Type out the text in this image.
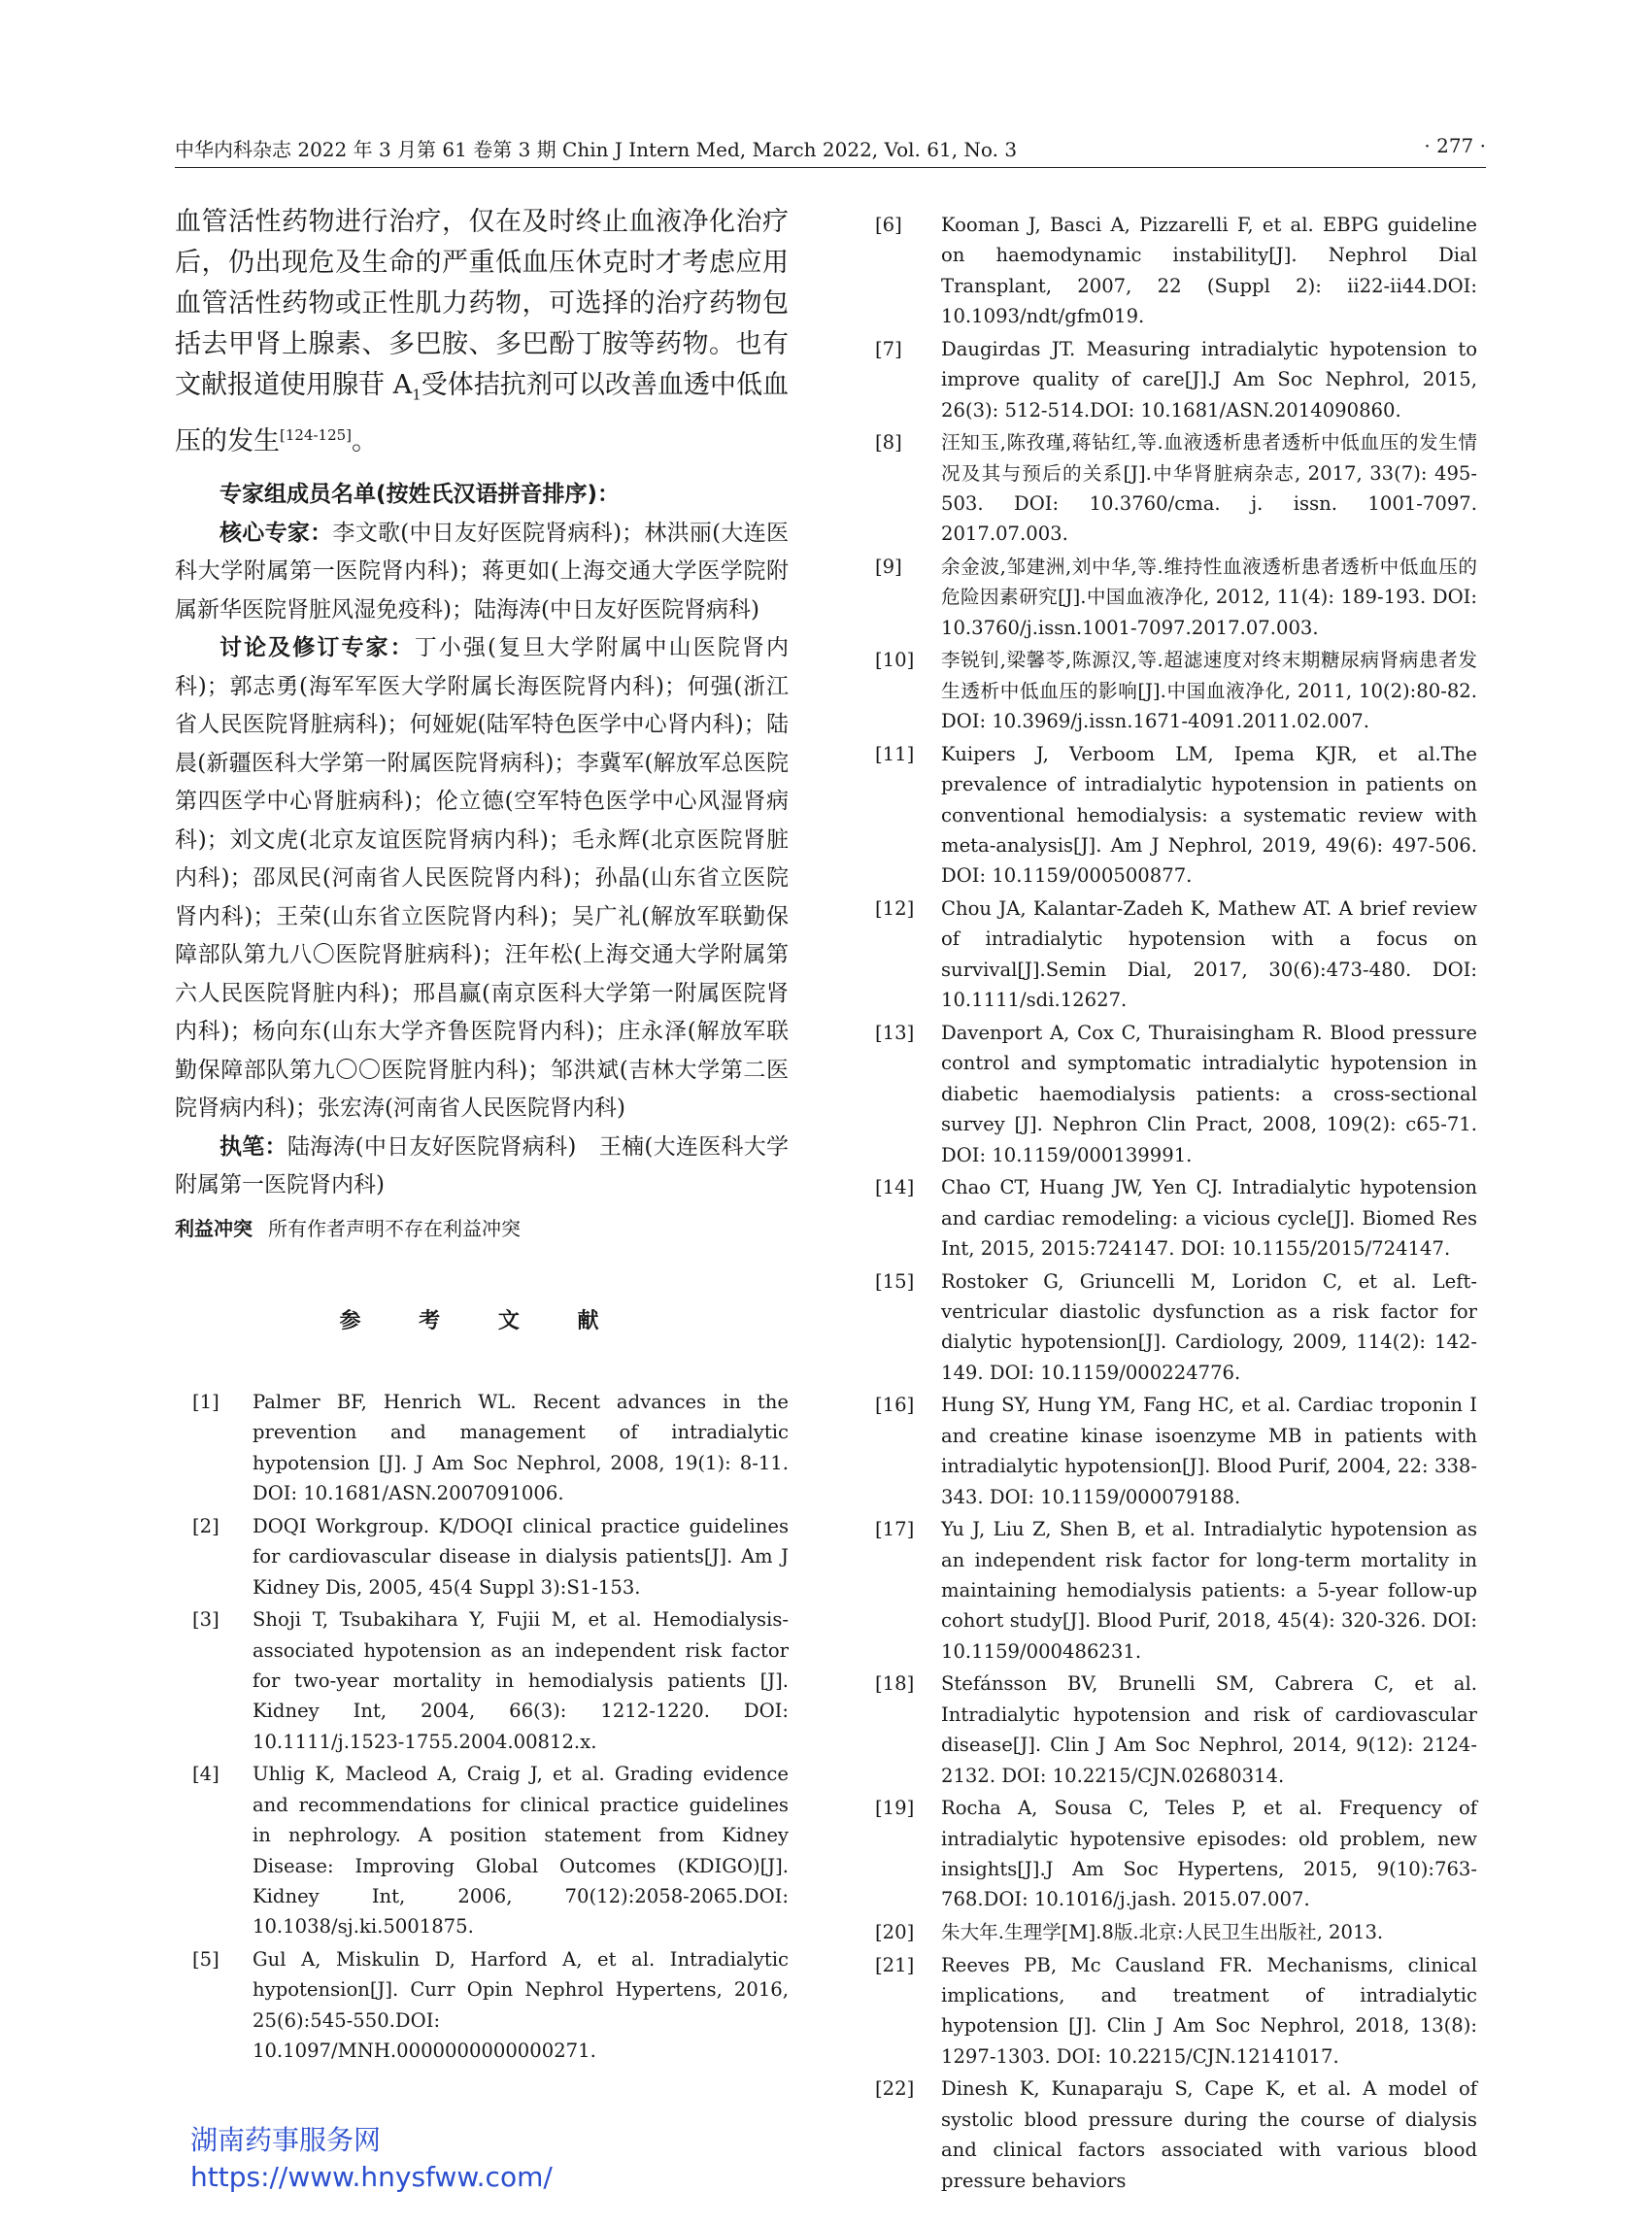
中华内科杂志 2022 年 3 月第 61 卷第 3 期 Chin J Intern Med, March 2022, Vol. 61, No. 3	· 277 ·

血管活性药物进行治疗，仅在及时终止血液净化治疗后，仍出现危及生命的严重低血压休克时才考虑应用血管活性药物或正性肌力药物，可选择的治疗药物包括去甲肾上腺素、多巴胺、多巴酚丁胺等药物。也有文献报道使用腺苷 $A_1$受体拮抗剂可以改善血透中低血压的发生[124-125]。

专家组成员名单(按姓氏汉语拼音排序)：

核心专家：李文歌(中日友好医院肾病科)；林洪丽(大连医科大学附属第一医院肾内科)；蒋更如(上海交通大学医学院附属新华医院肾脏风湿免疫科)；陆海涛(中日友好医院肾病科)

讨论及修订专家：丁小强(复旦大学附属中山医院肾内科)；郭志勇(海军军医大学附属长海医院肾内科)；何强(浙江省人民医院肾脏病科)；何娅妮(陆军特色医学中心肾内科)；陆晨(新疆医科大学第一附属医院肾病科)；李冀军(解放军总医院第四医学中心肾脏病科)；伦立德(空军特色医学中心风湿肾病科)；刘文虎(北京友谊医院肾病内科)；毛永辉(北京医院肾脏内科)；邵凤民(河南省人民医院肾内科)；孙晶(山东省立医院肾内科)；王荣(山东省立医院肾内科)；吴广礼(解放军联勤保障部队第九八〇医院肾脏病科)；汪年松(上海交通大学附属第六人民医院肾脏内科)；邢昌赢(南京医科大学第一附属医院肾内科)；杨向东(山东大学齐鲁医院肾内科)；庄永泽(解放军联勤保障部队第九〇〇医院肾脏内科)；邹洪斌(吉林大学第二医院肾病内科)；张宏涛(河南省人民医院肾内科)

执笔：陆海涛(中日友好医院肾病科)　王楠(大连医科大学附属第一医院肾内科)

利益冲突 所有作者声明不存在利益冲突
参 考 文 献
[1] Palmer BF, Henrich WL. Recent advances in the prevention and management of intradialytic hypotension [J]. J Am Soc Nephrol, 2008, 19(1): 8-11. DOI: 10.1681/ASN.2007091006.
[2] DOQI Workgroup. K/DOQI clinical practice guidelines for cardiovascular disease in dialysis patients[J]. Am J Kidney Dis, 2005, 45(4 Suppl 3):S1-153.
[3] Shoji T, Tsubakihara Y, Fujii M, et al. Hemodialysis-associated hypotension as an independent risk factor for two-year mortality in hemodialysis patients [J]. Kidney Int, 2004, 66(3): 1212-1220. DOI: 10.1111/j.1523-1755.2004.00812.x.
[4] Uhlig K, Macleod A, Craig J, et al. Grading evidence and recommendations for clinical practice guidelines in nephrology. A position statement from Kidney Disease: Improving Global Outcomes (KDIGO)[J]. Kidney Int, 2006, 70(12):2058-2065.DOI: 10.1038/sj.ki.5001875.
[5] Gul A, Miskulin D, Harford A, et al. Intradialytic hypotension[J]. Curr Opin Nephrol Hypertens, 2016, 25(6):545-550.DOI: 10.1097/MNH.0000000000000271.
[6] Kooman J, Basci A, Pizzarelli F, et al. EBPG guideline on haemodynamic instability[J]. Nephrol Dial Transplant, 2007, 22 (Suppl 2): ii22-ii44.DOI: 10.1093/ndt/gfm019.
[7] Daugirdas JT. Measuring intradialytic hypotension to improve quality of care[J].J Am Soc Nephrol, 2015, 26(3): 512-514.DOI: 10.1681/ASN.2014090860.
[8] 汪知玉,陈孜瑾,蒋钻红,等.血液透析患者透析中低血压的发生情况及其与预后的关系[J].中华肾脏病杂志, 2017, 33(7): 495-503. DOI: 10.3760/cma. j. issn. 1001-7097. 2017.07.003.
[9] 余金波,邹建洲,刘中华,等.维持性血液透析患者透析中低血压的危险因素研究[J].中国血液净化, 2012, 11(4): 189-193. DOI: 10.3760/j.issn.1001-7097.2017.07.003.
[10] 李锐钊,梁馨苓,陈源汉,等.超滤速度对终末期糖尿病肾病患者发生透析中低血压的影响[J].中国血液净化, 2011, 10(2):80-82. DOI: 10.3969/j.issn.1671-4091.2011.02.007.
[11] Kuipers J, Verboom LM, Ipema KJR, et al.The prevalence of intradialytic hypotension in patients on conventional hemodialysis: a systematic review with meta-analysis[J]. Am J Nephrol, 2019, 49(6): 497-506. DOI: 10.1159/000500877.
[12] Chou JA, Kalantar-Zadeh K, Mathew AT. A brief review of intradialytic hypotension with a focus on survival[J].Semin Dial, 2017, 30(6):473-480. DOI: 10.1111/sdi.12627.
[13] Davenport A, Cox C, Thuraisingham R. Blood pressure control and symptomatic intradialytic hypotension in diabetic haemodialysis patients: a cross-sectional survey [J]. Nephron Clin Pract, 2008, 109(2): c65-71. DOI: 10.1159/000139991.
[14] Chao CT, Huang JW, Yen CJ. Intradialytic hypotension and cardiac remodeling: a vicious cycle[J]. Biomed Res Int, 2015, 2015:724147. DOI: 10.1155/2015/724147.
[15] Rostoker G, Griuncelli M, Loridon C, et al. Left-ventricular diastolic dysfunction as a risk factor for dialytic hypotension[J]. Cardiology, 2009, 114(2): 142-149. DOI: 10.1159/000224776.
[16] Hung SY, Hung YM, Fang HC, et al. Cardiac troponin I and creatine kinase isoenzyme MB in patients with intradialytic hypotension[J]. Blood Purif, 2004, 22: 338-343. DOI: 10.1159/000079188.
[17] Yu J, Liu Z, Shen B, et al. Intradialytic hypotension as an independent risk factor for long-term mortality in maintaining hemodialysis patients: a 5-year follow-up cohort study[J]. Blood Purif, 2018, 45(4): 320-326. DOI: 10.1159/000486231.
[18] Stefánsson BV, Brunelli SM, Cabrera C, et al. Intradialytic hypotension and risk of cardiovascular disease[J]. Clin J Am Soc Nephrol, 2014, 9(12): 2124-2132. DOI: 10.2215/CJN.02680314.
[19] Rocha A, Sousa C, Teles P, et al. Frequency of intradialytic hypotensive episodes: old problem, new insights[J].J Am Soc Hypertens, 2015, 9(10):763-768.DOI: 10.1016/j.jash. 2015.07.007.
[20] 朱大年.生理学[M].8版.北京:人民卫生出版社, 2013.
[21] Reeves PB, Mc Causland FR. Mechanisms, clinical implications, and treatment of intradialytic hypotension [J]. Clin J Am Soc Nephrol, 2018, 13(8): 1297-1303. DOI: 10.2215/CJN.12141017.
[22] Dinesh K, Kunaparaju S, Cape K, et al. A model of systolic blood pressure during the course of dialysis and clinical factors associated with various blood pressure behaviors
湖南药事服务网
https://www.hnysfww.com/
